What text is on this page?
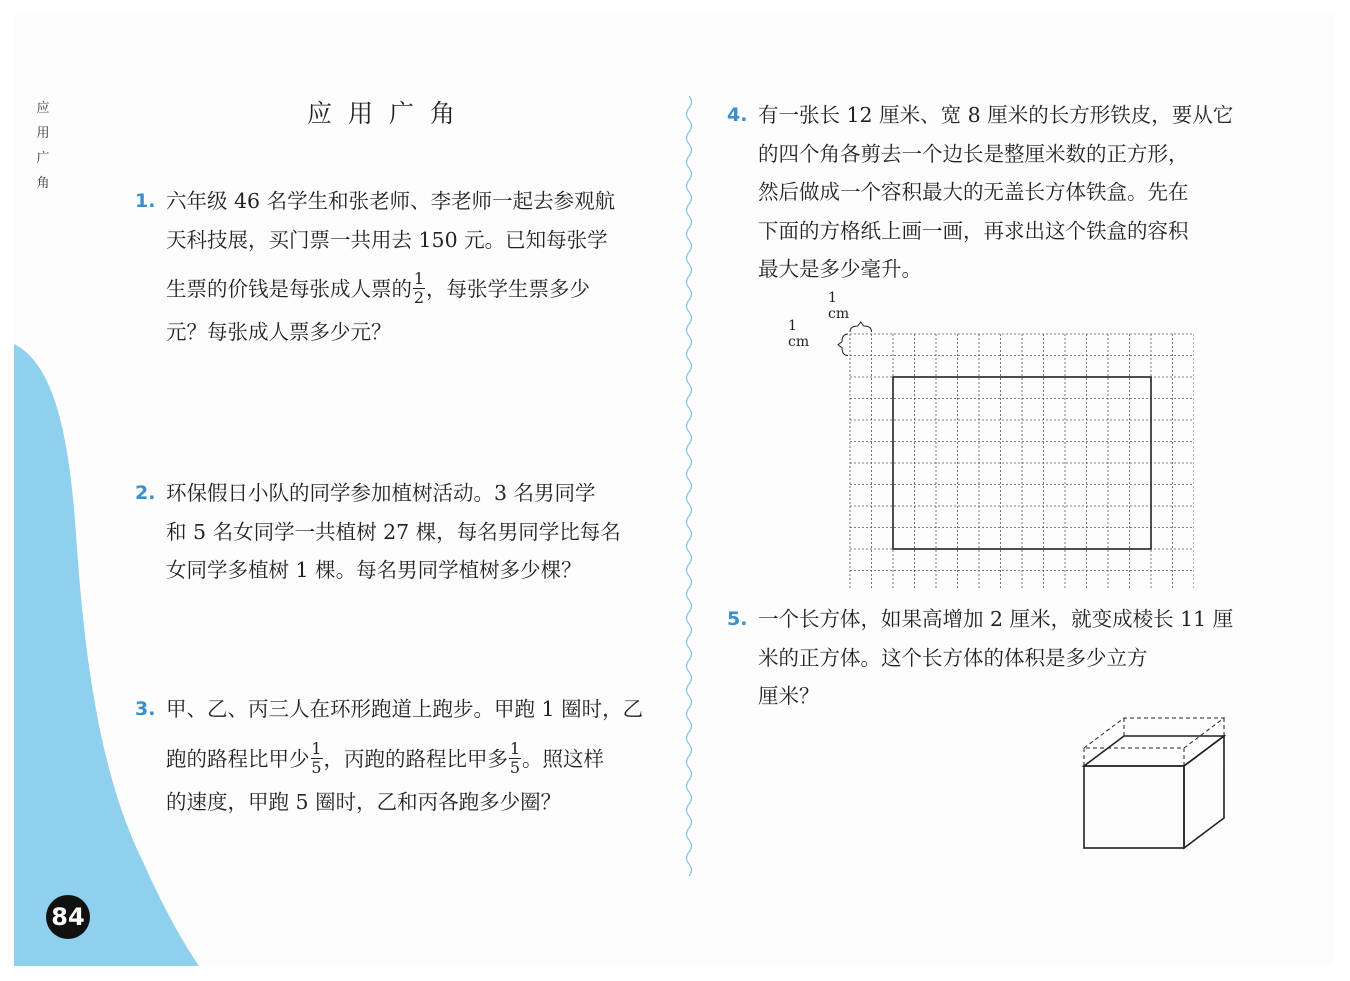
应
用
广
角
84
应用广角
1. 六年级 46 名学生和张老师、李老师一起去参观航
天科技展，买门票一共用去 150 元。已知每张学
生票的价钱是每张成人票的 $\frac{1}{2}$ ，每张学生票多少
元？每张成人票多少元？
2. 环保假日小队的同学参加植树活动。3 名男同学
和 5 名女同学一共植树 27 棵，每名男同学比每名
女同学多植树 1 棵。每名男同学植树多少棵？
3. 甲、乙、丙三人在环形跑道上跑步。甲跑 1 圈时，乙
跑的路程比甲少 $\frac{1}{5}$ ，丙跑的路程比甲多 $\frac{1}{5}$ 。照这样
的速度，甲跑 5 圈时，乙和丙各跑多少圈？
4. 有一张长 12 厘米、宽 8 厘米的长方形铁皮，要从它
的四个角各剪去一个边长是整厘米数的正方形，
然后做成一个容积最大的无盖长方体铁盒。先在
下面的方格纸上画一画，再求出这个铁盒的容积
最大是多少毫升。
1 cm
1 cm
5. 一个长方体，如果高增加 2 厘米，就变成棱长 11 厘
米的正方体。这个长方体的体积是多少立方
厘米？
